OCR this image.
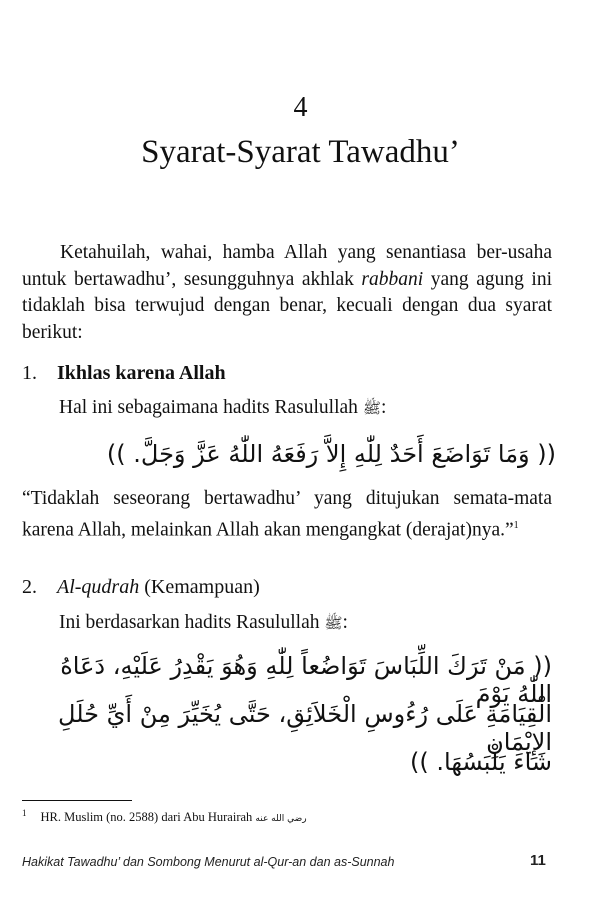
4
Syarat-Syarat Tawadhu’
Ketahuilah, wahai, hamba Allah yang senantiasa ber-usaha untuk bertawadhu’, sesungguhnya akhlak rabbani yang agung ini tidaklah bisa terwujud dengan benar, kecuali dengan dua syarat berikut:
1. Ikhlas karena Allah
Hal ini sebagaimana hadits Rasulullah ﷺ:
(( وَمَا تَوَاضَعَ أَحَدٌ لِلّٰهِ إِلاَّ رَفَعَهُ اللّٰهُ عَزَّ وَجَلَّ. ))
“Tidaklah seseorang bertawadhu’ yang ditujukan semata-mata karena Allah, melainkan Allah akan mengangkat (derajat)nya.”$^1$
2. Al-qudrah (Kemampuan)
Ini berdasarkan hadits Rasulullah ﷺ:
(( مَنْ تَرَكَ اللِّبَاسَ تَوَاضُعاً لِلّٰهِ وَهُوَ يَقْدِرُ عَلَيْهِ، دَعَاهُ اللّٰهُ يَوْمَ
الْقِيَامَةِ عَلَى رُءُوسِ الْخَلاَئِقِ، حَتَّى يُخَيِّرَ مِنْ أَيِّ حُلَلِ الإِيْمَانِ
شَاءَ يَلْبَسُهَا. ))
$^1$ HR. Muslim (no. 2588) dari Abu Hurairah رضي الله عنه
Hakikat Tawadhu’ dan Sombong Menurut al-Qur-an dan as-Sunnah	11
